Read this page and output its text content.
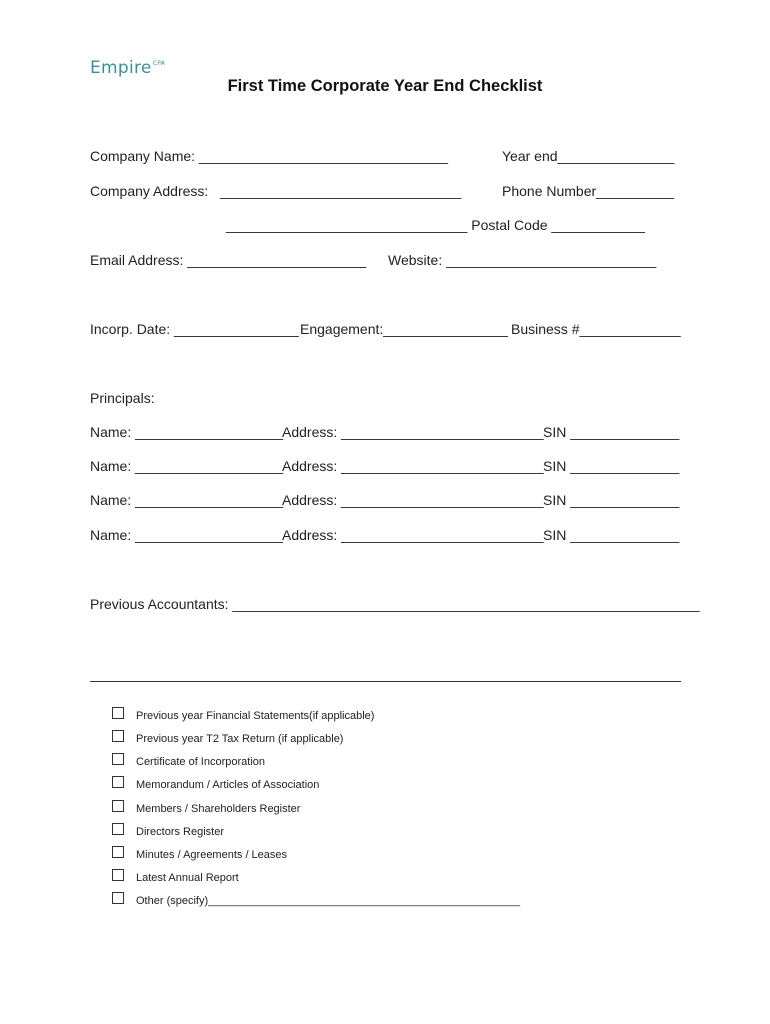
Empire$^{CPA}$
First Time Corporate Year End Checklist
Company Name: ________________________________	Year end_______________
Company Address:   _______________________________	Phone Number__________
_______________________________ Postal Code ____________
Email Address: _______________________ Website: ___________________________
Incorp. Date: ________________ Engagement:________________ Business #_____________
Principals:
Name: ___________________
Address: __________________________ SIN ______________
Name: ___________________
Address: __________________________ SIN ______________
Name: ___________________
Address: __________________________ SIN ______________
Name: ___________________
Address: __________________________ SIN ______________
Previous Accountants: ____________________________________________________________
Previous year Financial Statements(if applicable)
Previous year T2 Tax Return (if applicable)
Certificate of Incorporation
Memorandum / Articles of Association
Members / Shareholders Register
Directors Register
Minutes / Agreements / Leases
Latest Annual Report
Other (specify)___________________________________________________
